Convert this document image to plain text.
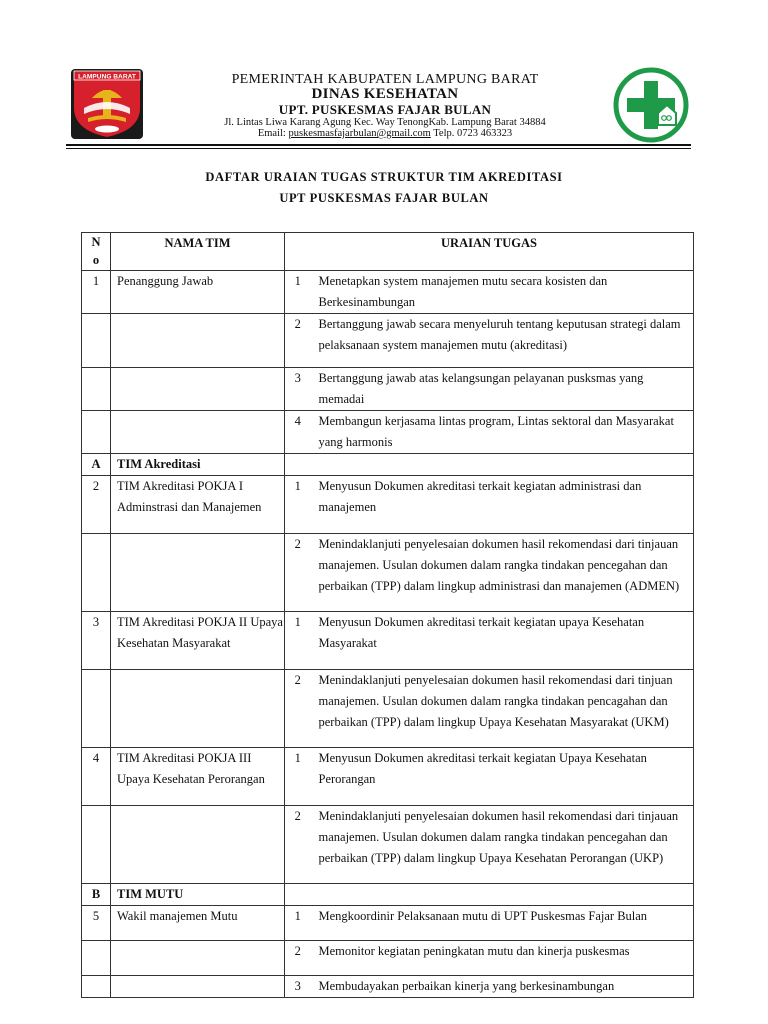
LAMPUNG BARAT	PEMERINTAH KABUPATEN LAMPUNG BARAT
DINAS KESEHATAN
UPT. PUSKESMAS FAJAR BULAN
Jl. Lintas Liwa Karang Agung Kec. Way TenongKab. Lampung Barat 34884
Email: puskesmasfajarbulan@gmail.com Telp. 0723 463323
DAFTAR URAIAN TUGAS STRUKTUR TIM AKREDITASI
UPT PUSKESMAS FAJAR BULAN
N
o	NAMA TIM	URAIAN TUGAS	
1	Penanggung Jawab	1	Menetapkan system manajemen mutu secara kosisten dan Berkesinambungan
		2	Bertanggung jawab secara menyeluruh tentang keputusan strategi dalam pelaksanaan system manajemen mutu (akreditasi)
		3	Bertanggung jawab atas kelangsungan pelayanan pusksmas yang memadai
		4	Membangun kerjasama lintas program, Lintas sektoral dan Masyarakat yang harmonis
A	TIM Akreditasi		
2	TIM Akreditasi POKJA I Adminstrasi dan Manajemen	1	Menyusun Dokumen akreditasi terkait kegiatan administrasi dan manajemen
		2	Menindaklanjuti penyelesaian dokumen hasil rekomendasi dari tinjauan manajemen. Usulan dokumen dalam rangka tindakan pencegahan dan perbaikan (TPP) dalam lingkup administrasi dan manajemen (ADMEN)
3	TIM Akreditasi POKJA II Upaya Kesehatan Masyarakat	1	Menyusun Dokumen akreditasi terkait kegiatan upaya Kesehatan Masyarakat
		2	Menindaklanjuti penyelesaian dokumen hasil rekomendasi dari tinjuan manajemen. Usulan dokumen dalam rangka tindakan pencagahan dan perbaikan (TPP) dalam lingkup Upaya Kesehatan Masyarakat (UKM)
4	TIM Akreditasi POKJA III Upaya Kesehatan Perorangan	1	Menyusun Dokumen akreditasi terkait kegiatan Upaya Kesehatan Perorangan
		2	Menindaklanjuti penyelesaian dokumen hasil rekomendasi dari tinjauan manajemen. Usulan dokumen dalam rangka tindakan pencegahan dan perbaikan (TPP) dalam lingkup Upaya Kesehatan Perorangan (UKP)
B	TIM MUTU		
5	Wakil manajemen Mutu	1	Mengkoordinir Pelaksanaan mutu di UPT Puskesmas Fajar Bulan
		2	Memonitor kegiatan peningkatan mutu dan kinerja puskesmas
		3	Membudayakan perbaikan kinerja yang berkesinambungan
